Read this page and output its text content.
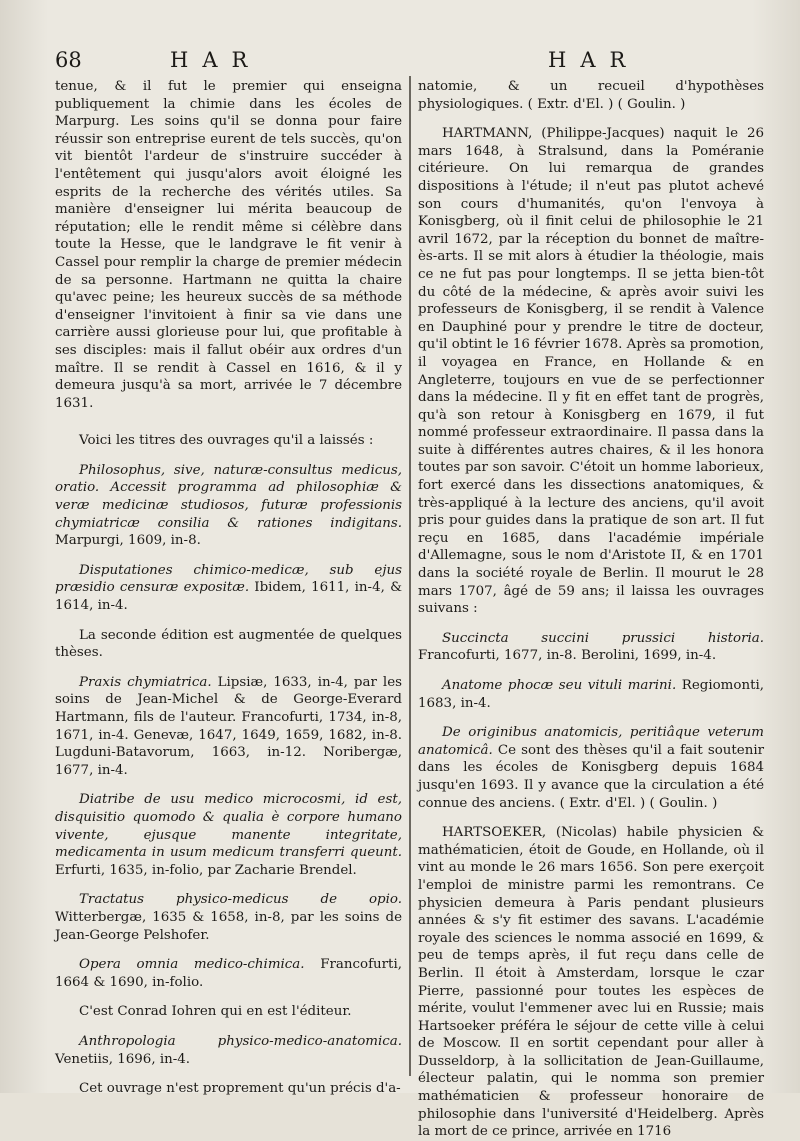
68	HAR	HAR

tenue, & il fut le premier qui enseigna publiquement la chimie dans les écoles de Marpurg. Les soins qu'il se donna pour faire réussir son entreprise eurent de tels succès, qu'on vit bientôt l'ardeur de s'instruire succéder à l'entêtement qui jusqu'alors avoit éloigné les esprits de la recherche des vérités utiles. Sa manière d'enseigner lui mérita beaucoup de réputation; elle le rendit même si célèbre dans toute la Hesse, que le landgrave le fit venir à Cassel pour remplir la charge de premier médecin de sa personne. Hartmann ne quitta la chaire qu'avec peine; les heureux succès de sa méthode d'enseigner l'invitoient à finir sa vie dans une carrière aussi glorieuse pour lui, que profitable à ses disciples: mais il fallut obéir aux ordres d'un maître. Il se rendit à Cassel en 1616, & il y demeura jusqu'à sa mort, arrivée le 7 décembre 1631.

Voici les titres des ouvrages qu'il a laissés :

Philosophus, sive, naturæ-consultus medicus, oratio. Accessit programma ad philosophiæ & veræ medicinæ studiosos, futuræ professionis chymiatricæ consilia & rationes indigitans. Marpurgi, 1609, in-8.

Disputationes chimico-medicæ, sub ejus præsidio censuræ expositæ. Ibidem, 1611, in-4, & 1614, in-4.

La seconde édition est augmentée de quelques thèses.

Praxis chymiatrica. Lipsiæ, 1633, in-4, par les soins de Jean-Michel & de George-Everard Hartmann, fils de l'auteur. Francofurti, 1734, in-8, 1671, in-4. Genevæ, 1647, 1649, 1659, 1682, in-8. Lugduni-Batavorum, 1663, in-12. Noribergæ, 1677, in-4.

Diatribe de usu medico microcosmi, id est, disquisitio quomodo & qualia è corpore humano vivente, ejusque manente integritate, medicamenta in usum medicum transferri queunt. Erfurti, 1635, in-folio, par Zacharie Brendel.

Tractatus physico-medicus de opio. Witterbergæ, 1635 & 1658, in-8, par les soins de Jean-George Pelshofer.

Opera omnia medico-chimica. Francofurti, 1664 & 1690, in-folio.

C'est Conrad Iohren qui en est l'éditeur.

Anthropologia physico-medico-anatomica. Venetiis, 1696, in-4.

Cet ouvrage n'est proprement qu'un précis d'a-

natomie, & un recueil d'hypothèses physiologiques. ( Extr. d'El. ) ( Goulin. )

HARTMANN, (Philippe-Jacques) naquit le 26 mars 1648, à Stralsund, dans la Poméranie citérieure. On lui remarqua de grandes dispositions à l'étude; il n'eut pas plutot achevé son cours d'humanités, qu'on l'envoya à Konisgberg, où il finit celui de philosophie le 21 avril 1672, par la réception du bonnet de maître-ès-arts. Il se mit alors à étudier la théologie, mais ce ne fut pas pour longtemps. Il se jetta bien-tôt du côté de la médecine, & après avoir suivi les professeurs de Konisgberg, il se rendit à Valence en Dauphiné pour y prendre le titre de docteur, qu'il obtint le 16 février 1678. Après sa promotion, il voyagea en France, en Hollande & en Angleterre, toujours en vue de se perfectionner dans la médecine. Il y fit en effet tant de progrès, qu'à son retour à Konisgberg en 1679, il fut nommé professeur extraordinaire. Il passa dans la suite à différentes autres chaires, & il les honora toutes par son savoir. C'étoit un homme laborieux, fort exercé dans les dissections anatomiques, & très-appliqué à la lecture des anciens, qu'il avoit pris pour guides dans la pratique de son art. Il fut reçu en 1685, dans l'académie impériale d'Allemagne, sous le nom d'Aristote II, & en 1701 dans la société royale de Berlin. Il mourut le 28 mars 1707, âgé de 59 ans; il laissa les ouvrages suivans :

Succincta succini prussici historia. Francofurti, 1677, in-8. Berolini, 1699, in-4.

Anatome phocæ seu vituli marini. Regiomonti, 1683, in-4.

De originibus anatomicis, peritiâque veterum anatomicâ. Ce sont des thèses qu'il a fait soutenir dans les écoles de Konisgberg depuis 1684 jusqu'en 1693. Il y avance que la circulation a été connue des anciens. ( Extr. d'El. ) ( Goulin. )

HARTSOEKER, (Nicolas) habile physicien & mathématicien, étoit de Goude, en Hollande, où il vint au monde le 26 mars 1656. Son pere exerçoit l'emploi de ministre parmi les remontrans. Ce physicien demeura à Paris pendant plusieurs années & s'y fit estimer des savans. L'académie royale des sciences le nomma associé en 1699, & peu de temps après, il fut reçu dans celle de Berlin. Il étoit à Amsterdam, lorsque le czar Pierre, passionné pour toutes les espèces de mérite, voulut l'emmener avec lui en Russie; mais Hartsoeker préféra le séjour de cette ville à celui de Moscow. Il en sortit cependant pour aller à Dusseldorp, à la sollicitation de Jean-Guillaume, électeur palatin, qui le nomma son premier mathématicien & professeur honoraire de philosophie dans l'université d'Heidelberg. Après la mort de ce prince, arrivée en 1716
